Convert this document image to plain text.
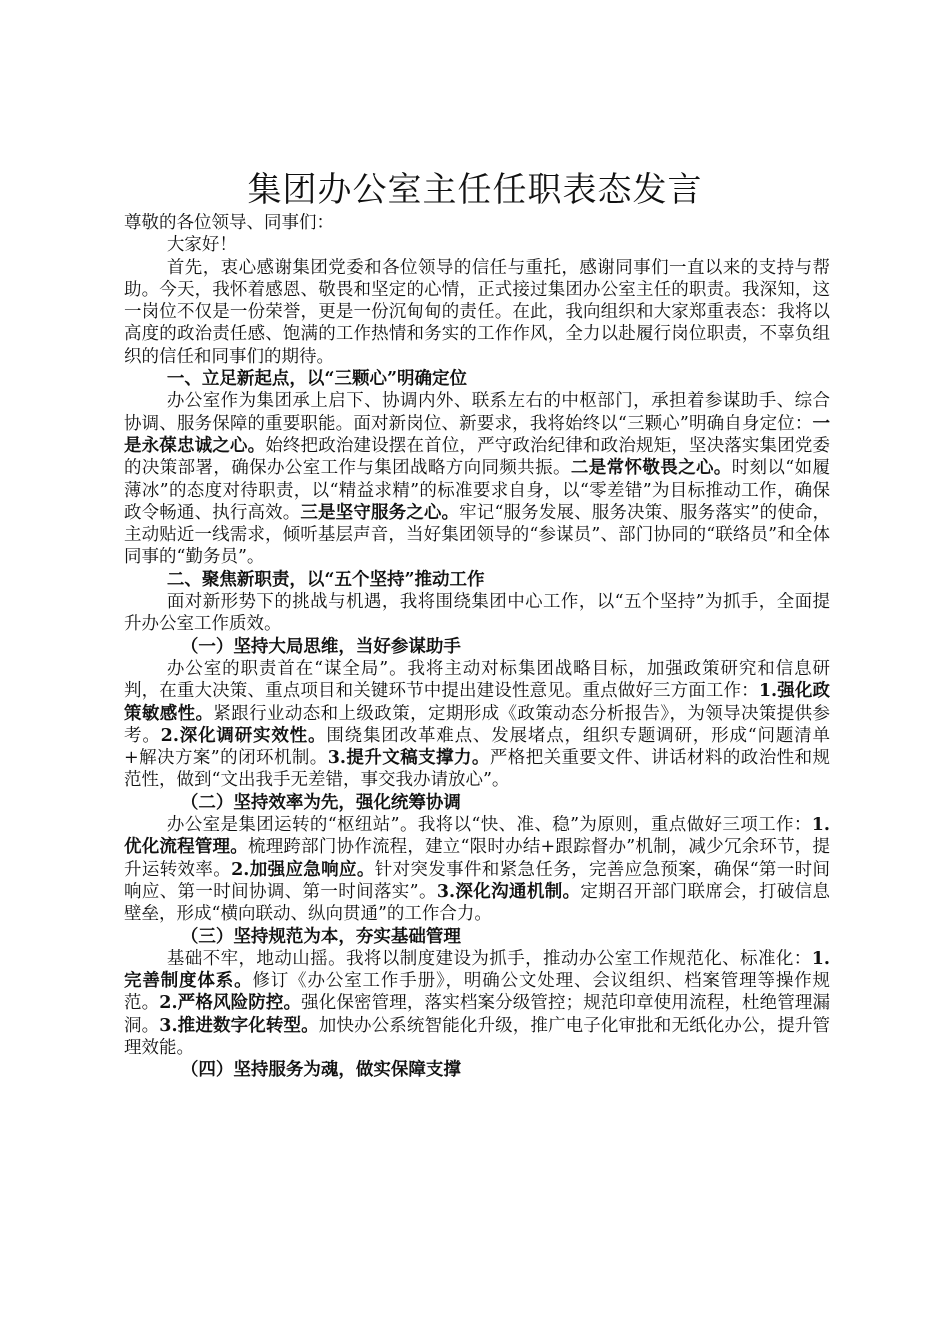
集团办公室主任任职表态发言

尊敬的各位领导、同事们：

大家好！

首先，衷心感谢集团党委和各位领导的信任与重托，感谢同事们一直以来的支持与帮助。今天，我怀着感恩、敬畏和坚定的心情，正式接过集团办公室主任的职责。我深知，这一岗位不仅是一份荣誉，更是一份沉甸甸的责任。在此，我向组织和大家郑重表态：我将以高度的政治责任感、饱满的工作热情和务实的工作作风，全力以赴履行岗位职责，不辜负组织的信任和同事们的期待。

一、立足新起点，以“三颗心”明确定位

办公室作为集团承上启下、协调内外、联系左右的中枢部门，承担着参谋助手、综合协调、服务保障的重要职能。面对新岗位、新要求，我将始终以“三颗心”明确自身定位：一是永葆忠诚之心。始终把政治建设摆在首位，严守政治纪律和政治规矩，坚决落实集团党委的决策部署，确保办公室工作与集团战略方向同频共振。二是常怀敬畏之心。时刻以“如履薄冰”的态度对待职责，以“精益求精”的标准要求自身，以“零差错”为目标推动工作，确保政令畅通、执行高效。三是坚守服务之心。牢记“服务发展、服务决策、服务落实”的使命，主动贴近一线需求，倾听基层声音，当好集团领导的“参谋员”、部门协同的“联络员”和全体同事的“勤务员”。

二、聚焦新职责，以“五个坚持”推动工作

面对新形势下的挑战与机遇，我将围绕集团中心工作，以“五个坚持”为抓手，全面提升办公室工作质效。

（一）坚持大局思维，当好参谋助手

办公室的职责首在“谋全局”。我将主动对标集团战略目标，加强政策研究和信息研判，在重大决策、重点项目和关键环节中提出建设性意见。重点做好三方面工作：1.强化政策敏感性。紧跟行业动态和上级政策，定期形成《政策动态分析报告》，为领导决策提供参考。2.深化调研实效性。围绕集团改革难点、发展堵点，组织专题调研，形成“问题清单+解决方案”的闭环机制。3.提升文稿支撑力。严格把关重要文件、讲话材料的政治性和规范性，做到“文出我手无差错，事交我办请放心”。

（二）坚持效率为先，强化统筹协调

办公室是集团运转的“枢纽站”。我将以“快、准、稳”为原则，重点做好三项工作：1.优化流程管理。梳理跨部门协作流程，建立“限时办结+跟踪督办”机制，减少冗余环节，提升运转效率。2.加强应急响应。针对突发事件和紧急任务，完善应急预案，确保“第一时间响应、第一时间协调、第一时间落实”。3.深化沟通机制。定期召开部门联席会，打破信息壁垒，形成“横向联动、纵向贯通”的工作合力。

（三）坚持规范为本，夯实基础管理

基础不牢，地动山摇。我将以制度建设为抓手，推动办公室工作规范化、标准化：1.完善制度体系。修订《办公室工作手册》，明确公文处理、会议组织、档案管理等操作规范。2.严格风险防控。强化保密管理，落实档案分级管控；规范印章使用流程，杜绝管理漏洞。3.推进数字化转型。加快办公系统智能化升级，推广电子化审批和无纸化办公，提升管理效能。

（四）坚持服务为魂，做实保障支撑
